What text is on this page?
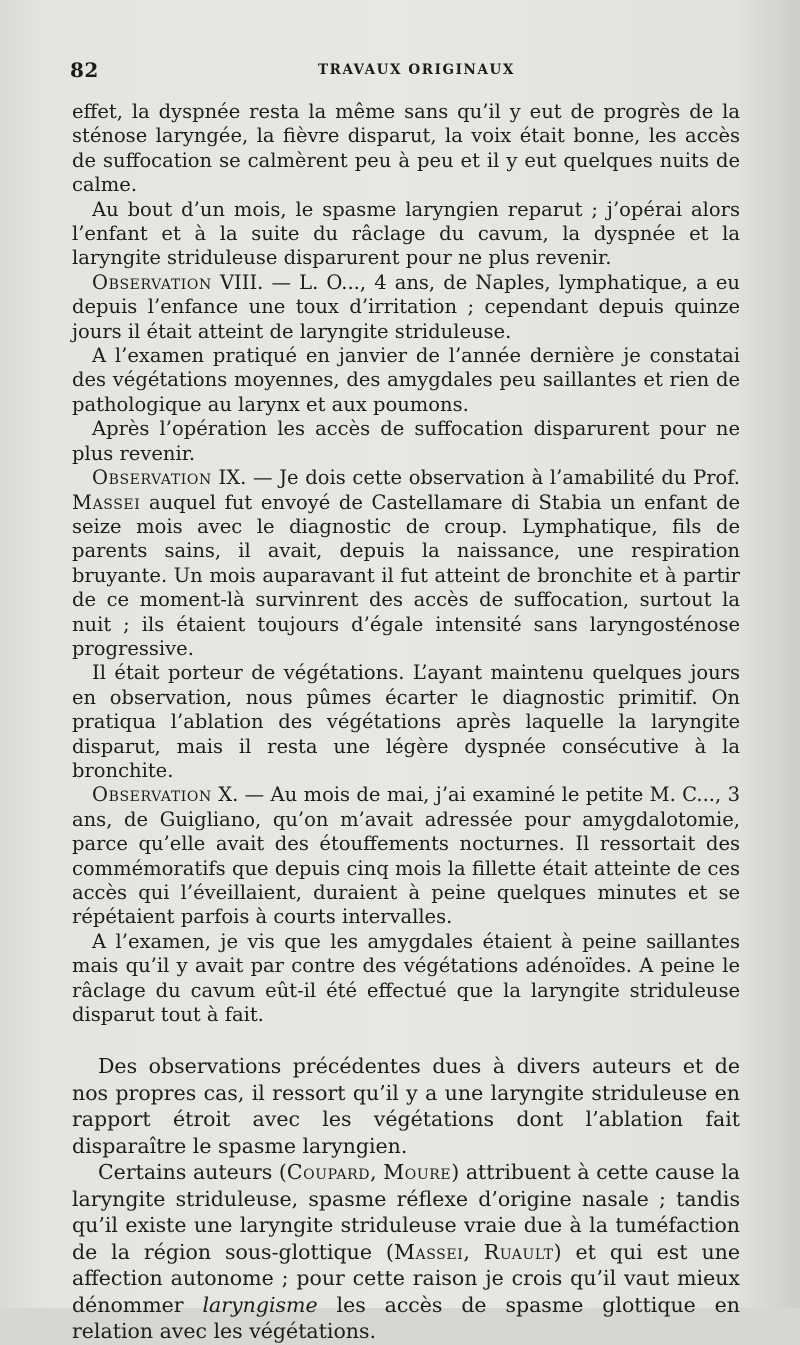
82	TRAVAUX ORIGINAUX

effet, la dyspnée resta la même sans qu’il y eut de progrès de la sténose laryngée, la fièvre disparut, la voix était bonne, les accès de suffocation se calmèrent peu à peu et il y eut quelques nuits de calme.

Au bout d’un mois, le spasme laryngien reparut ; j’opérai alors l’enfant et à la suite du râclage du cavum, la dyspnée et la laryngite striduleuse disparurent pour ne plus revenir.

Observation VIII. — L. O..., 4 ans, de Naples, lymphatique, a eu depuis l’enfance une toux d’irritation ; cependant depuis quinze jours il était atteint de laryngite striduleuse.

A l’examen pratiqué en janvier de l’année dernière je constatai des végétations moyennes, des amygdales peu saillantes et rien de pathologique au larynx et aux poumons.

Après l’opération les accès de suffocation disparurent pour ne plus revenir.

Observation IX. — Je dois cette observation à l’amabilité du Prof. Massei auquel fut envoyé de Castellamare di Stabia un enfant de seize mois avec le diagnostic de croup. Lymphatique, fils de parents sains, il avait, depuis la naissance, une respiration bruyante. Un mois auparavant il fut atteint de bronchite et à partir de ce moment-là survinrent des accès de suffocation, surtout la nuit ; ils étaient toujours d’égale intensité sans laryngosténose progressive.

Il était porteur de végétations. L’ayant maintenu quelques jours en observation, nous pûmes écarter le diagnostic primitif. On pratiqua l’ablation des végétations après laquelle la laryngite disparut, mais il resta une légère dyspnée consécutive à la bronchite.

Observation X. — Au mois de mai, j’ai examiné le petite M. C..., 3 ans, de Guigliano, qu’on m’avait adressée pour amygdalotomie, parce qu’elle avait des étouffements nocturnes. Il ressortait des commémoratifs que depuis cinq mois la fillette était atteinte de ces accès qui l’éveillaient, duraient à peine quelques minutes et se répétaient parfois à courts intervalles.

A l’examen, je vis que les amygdales étaient à peine saillantes mais qu’il y avait par contre des végétations adénoïdes. A peine le râclage du cavum eût-il été effectué que la laryngite striduleuse disparut tout à fait.

Des observations précédentes dues à divers auteurs et de nos propres cas, il ressort qu’il y a une laryngite striduleuse en rapport étroit avec les végétations dont l’ablation fait disparaître le spasme laryngien.

Certains auteurs (Coupard, Moure) attribuent à cette cause la laryngite striduleuse, spasme réflexe d’origine nasale ; tandis qu’il existe une laryngite striduleuse vraie due à la tuméfaction de la région sous-glottique (Massei, Ruault) et qui est une affection autonome ; pour cette raison je crois qu’il vaut mieux dénommer laryngisme les accès de spasme glottique en relation avec les végétations.
